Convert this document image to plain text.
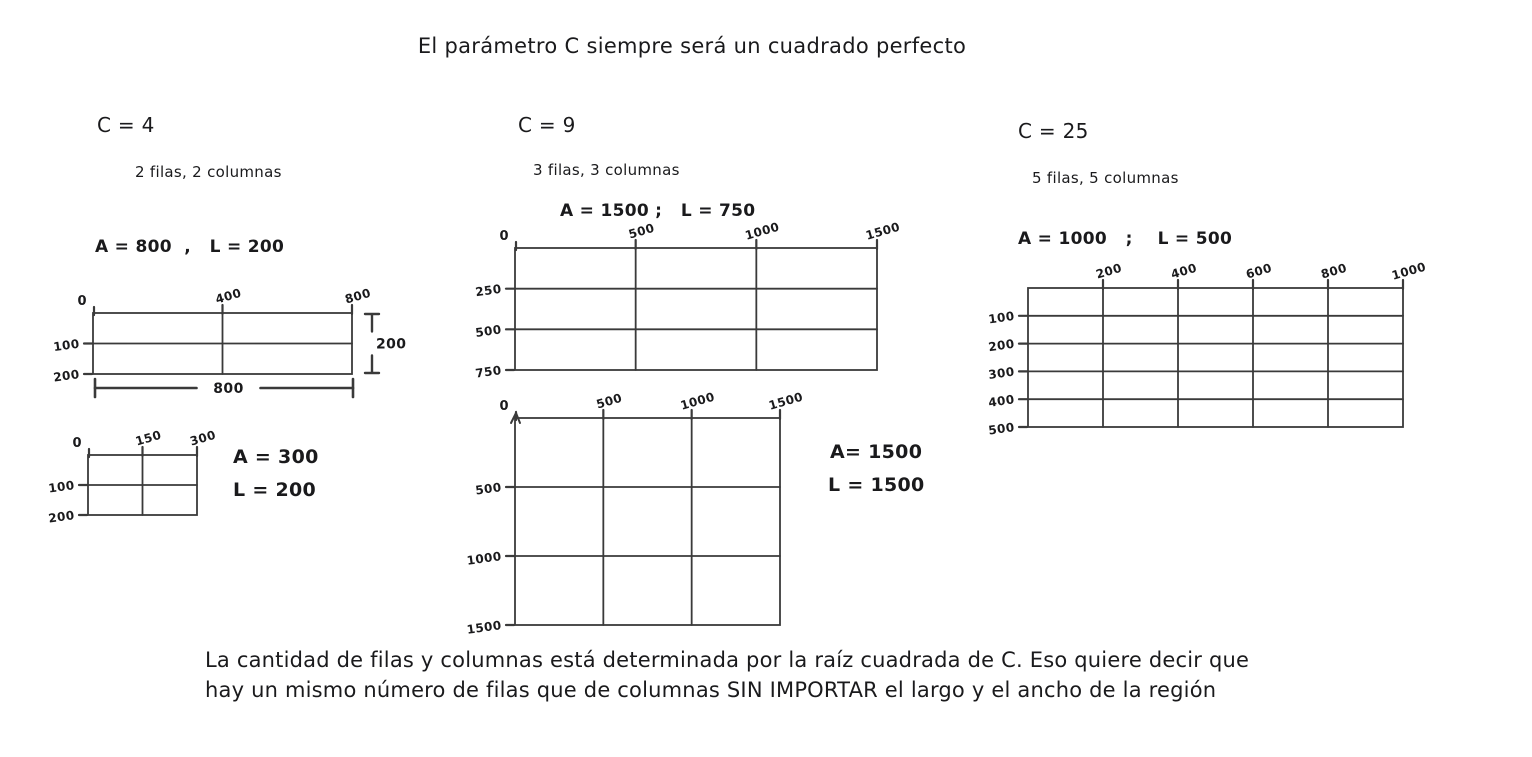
El parámetro C siempre será un cuadrado perfecto
C = 4
2 filas, 2 columnas
A = 800  ,   L = 200
A = 300
L = 200
C = 9
3 filas, 3 columnas
A = 1500 ;   L = 750
A= 1500
L = 1500
C = 25
5 filas, 5 columnas
A = 1000   ;    L = 500
0	400	800
100
200
800
200
0	150 300
100
200
0	500	1000	1500
250
500
750
0	500	1000	1500
500
1000
1500
200	400	600	800	1000
100
200
300
400
500
La cantidad de filas y columnas está determinada por la raíz cuadrada de C. Eso quiere decir que
hay un mismo número de filas que de columnas SIN IMPORTAR el largo y el ancho de la región
